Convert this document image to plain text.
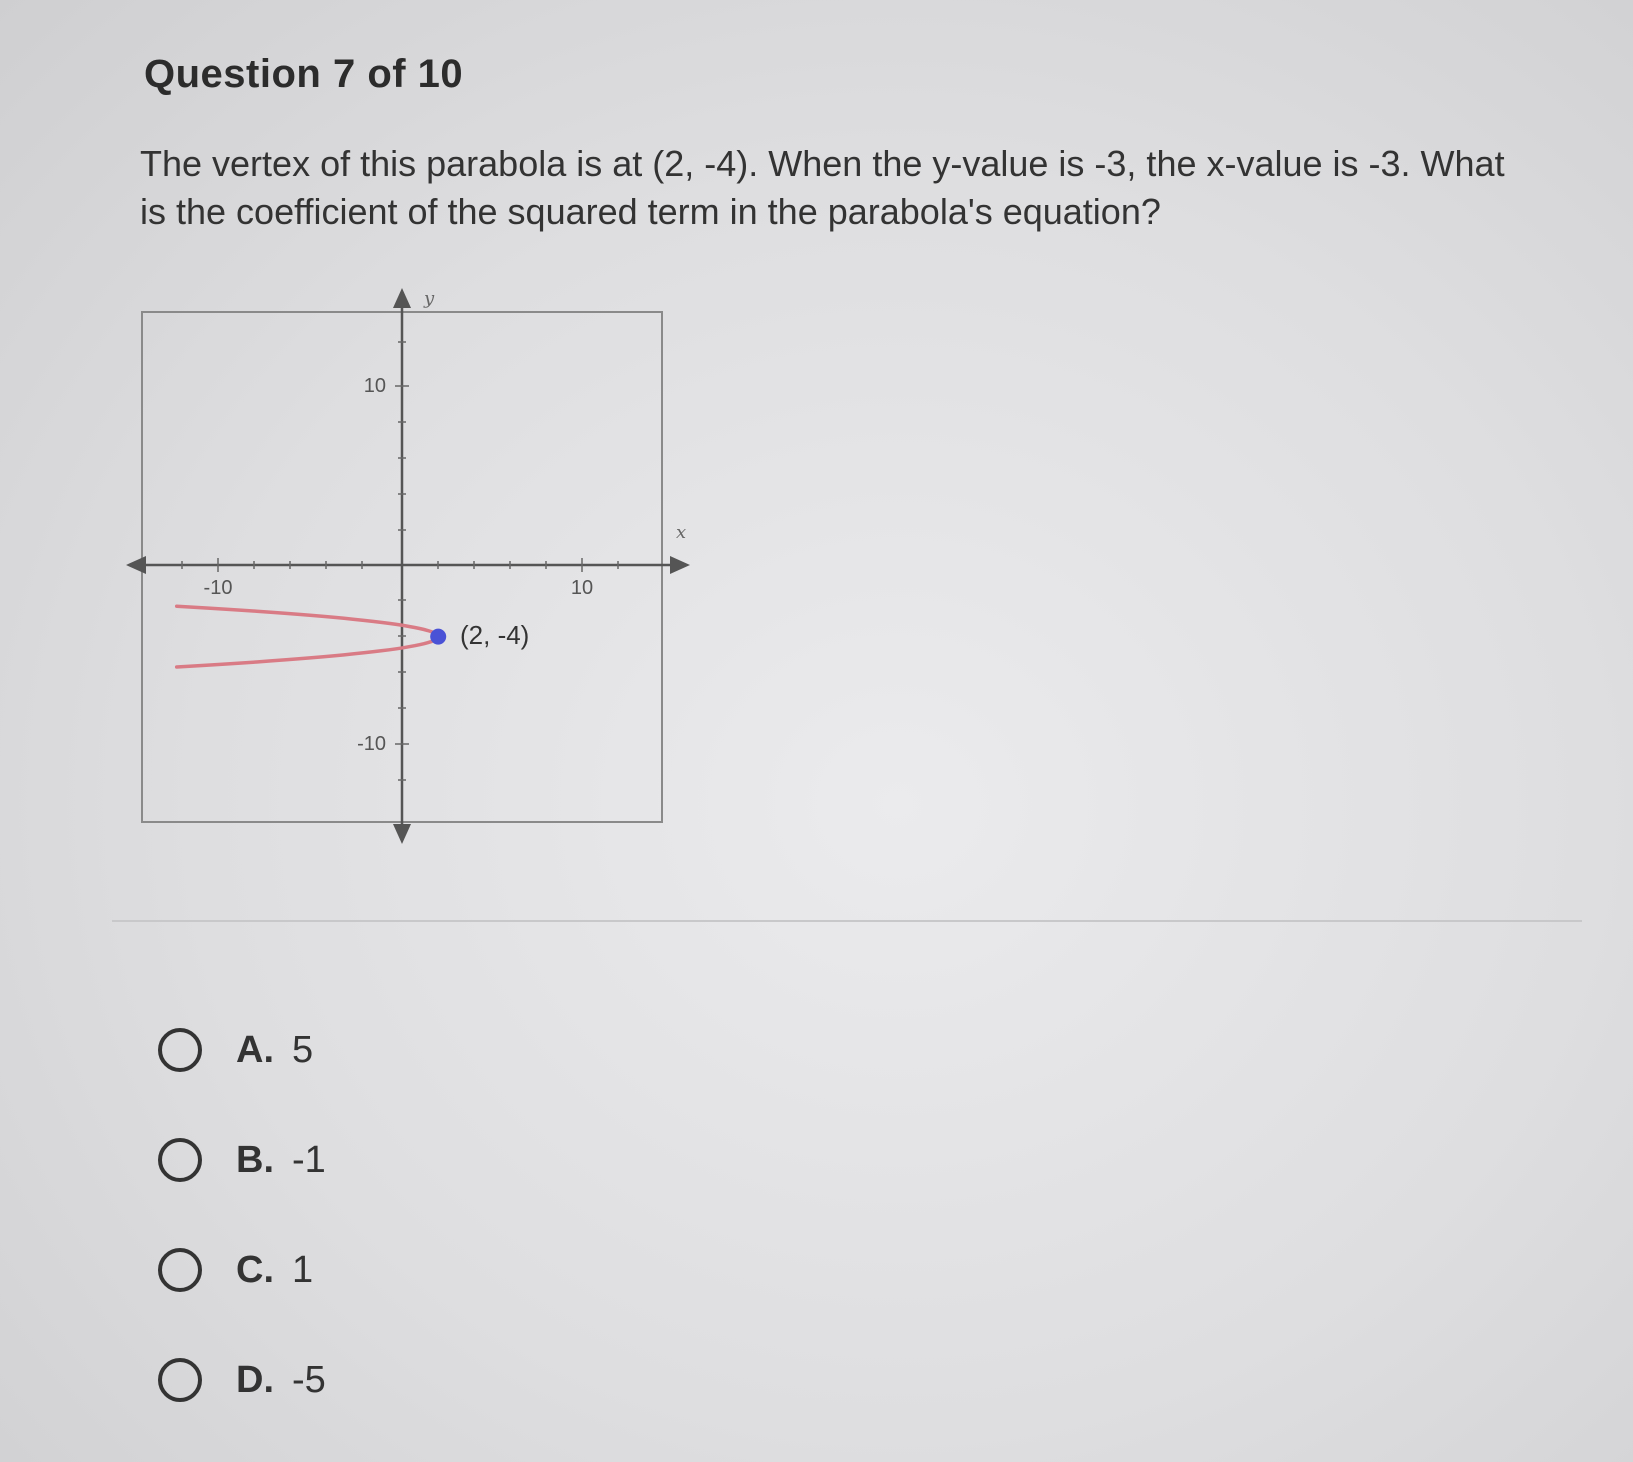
Question 7 of 10
The vertex of this parabola is at (2, -4). When the y-value is -3, the x-value is -3. What is the coefficient of the squared term in the parabola's equation?
y
x
10
-10
-10	10
(2, -4)
A. 5
B. -1
C. 1
D. -5
